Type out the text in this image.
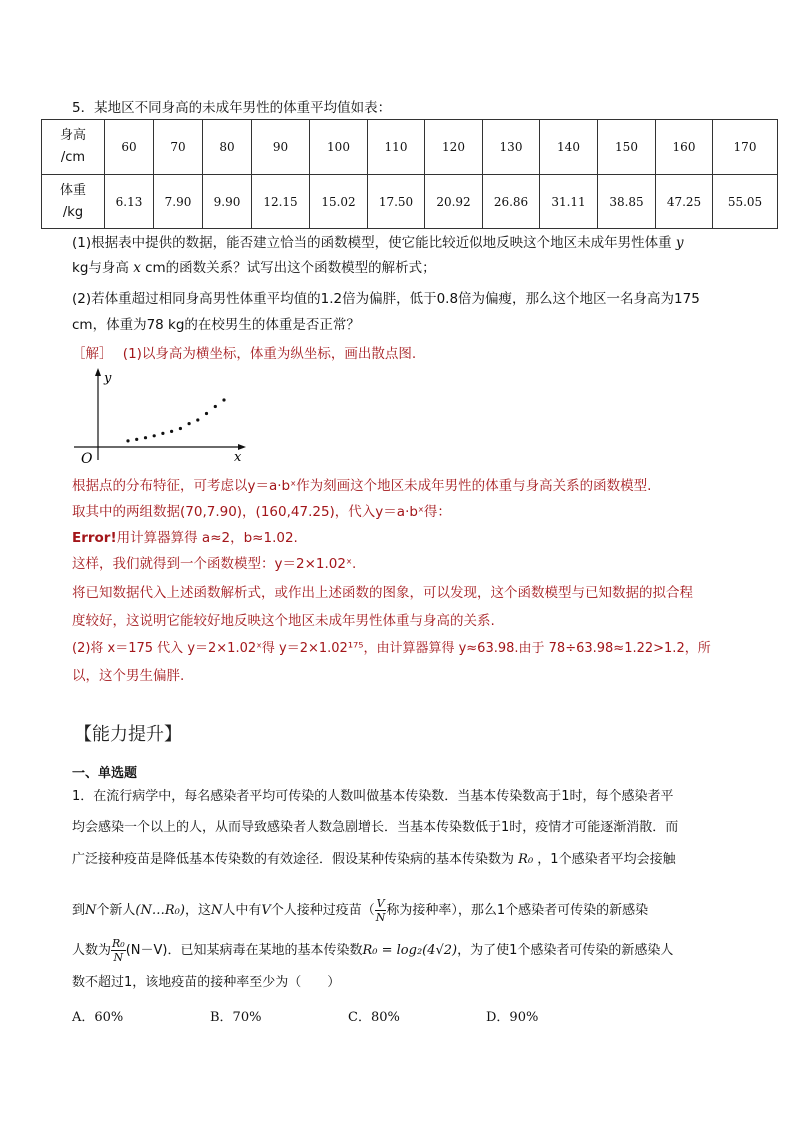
5．某地区不同身高的未成年男性的体重平均值如表：
身高
/cm	60	70	80	90	100	110	120	130	140	150	160	170

体重
/kg	6.13	7.90	9.90	12.15	15.02	17.50	20.92	26.86	31.11	38.85	47.25	55.05
(1)根据表中提供的数据，能否建立恰当的函数模型，使它能比较近似地反映这个地区未成年男性体重 y
kg与身高 x cm的函数关系？试写出这个函数模型的解析式；
(2)若体重超过相同身高男性体重平均值的1.2倍为偏胖，低于0.8倍为偏瘦，那么这个地区一名身高为175
cm，体重为78 kg的在校男生的体重是否正常？
［解］ (1)以身高为横坐标，体重为纵坐标，画出散点图.
y
x
O
根据点的分布特征，可考虑以y＝a·bˣ作为刻画这个地区未成年男性的体重与身高关系的函数模型.
取其中的两组数据(70,7.90)，(160,47.25)，代入y＝a·bˣ得：
Error!用计算器算得 a≈2，b≈1.02.
这样，我们就得到一个函数模型：y＝2×1.02ˣ.
将已知数据代入上述函数解析式，或作出上述函数的图象，可以发现，这个函数模型与已知数据的拟合程
度较好，这说明它能较好地反映这个地区未成年男性体重与身高的关系.
(2)将 x＝175 代入 y＝2×1.02ˣ得 y＝2×1.02¹⁷⁵，由计算器算得 y≈63.98.由于 78÷63.98≈1.22>1.2，所
以，这个男生偏胖.
【能力提升】
一、单选题
1．在流行病学中，每名感染者平均可传染的人数叫做基本传染数．当基本传染数高于1时，每个感染者平
均会感染一个以上的人，从而导致感染者人数急剧增长．当基本传染数低于1时，疫情才可能逐渐消散．而
广泛接种疫苗是降低基本传染数的有效途径．假设某种传染病的基本传染数为 R₀ ，1个感染者平均会接触
到N个新人(N…R₀)，这N人中有V个人接种过疫苗（ $\frac{V}{N}$ 称为接种率），那么1个感染者可传染的新感染
人数为 $\frac{\text{R₀}}{N} (N-V)$．已知某病毒在某地的基本传染数R₀ = log₂(4√2)，为了使1个感染者可传染的新感染人
数不超过1，该地疫苗的接种率至少为（　　）
A．60%	B．70%	C．80%	D．90%
